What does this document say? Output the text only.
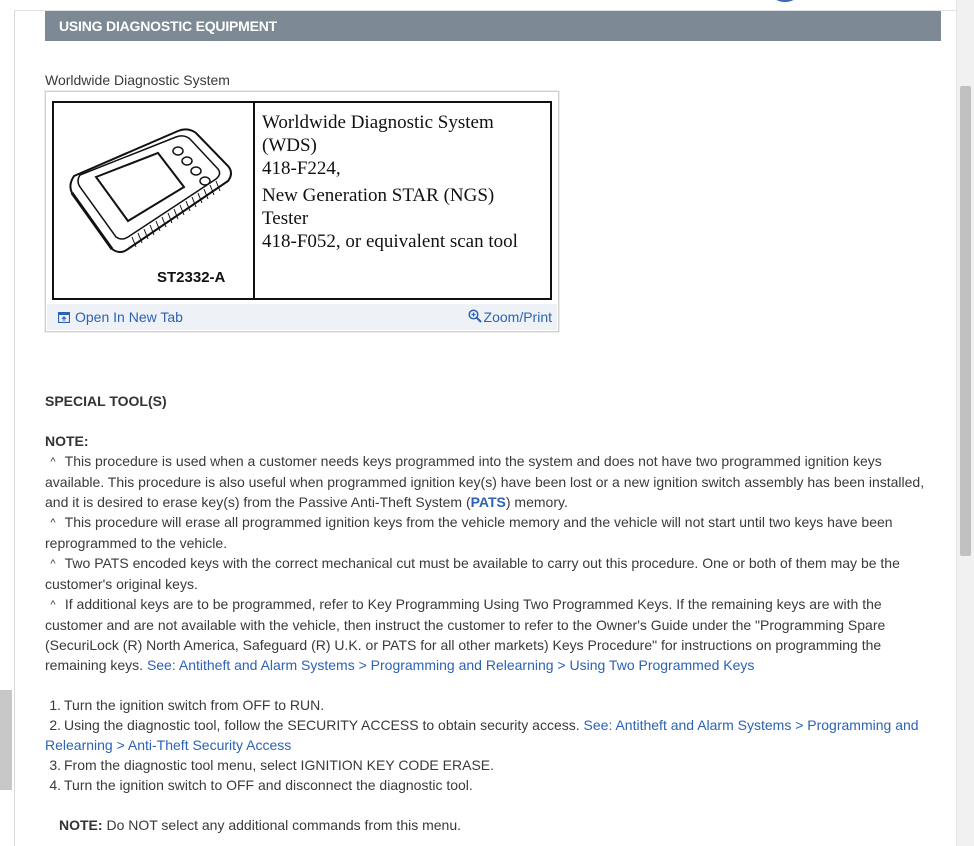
USING DIAGNOSTIC EQUIPMENT
Worldwide Diagnostic System
ST2332-A
Worldwide Diagnostic System
(WDS)
418-F224,
New Generation STAR (NGS)
Tester
418-F052, or equivalent scan tool
Open In New Tab	Zoom/Print

SPECIAL TOOL(S)

NOTE:

^ This procedure is used when a customer needs keys programmed into the system and does not have two programmed ignition keys available. This procedure is also useful when programmed ignition key(s) have been lost or a new ignition switch assembly has been installed, and it is desired to erase key(s) from the Passive Anti-Theft System (PATS) memory.

^ This procedure will erase all programmed ignition keys from the vehicle memory and the vehicle will not start until two keys have been reprogrammed to the vehicle.

^ Two PATS encoded keys with the correct mechanical cut must be available to carry out this procedure. One or both of them may be the customer's original keys.

^ If additional keys are to be programmed, refer to Key Programming Using Two Programmed Keys. If the remaining keys are with the customer and are not available with the vehicle, then instruct the customer to refer to the Owner's Guide under the "Programming Spare (SecuriLock (R) North America, Safeguard (R) U.K. or PATS for all other markets) Keys Procedure" for instructions on programming the remaining keys. See: Antitheft and Alarm Systems > Programming and Relearning > Using Two Programmed Keys

1. Turn the ignition switch from OFF to RUN.

2. Using the diagnostic tool, follow the SECURITY ACCESS to obtain security access. See: Antitheft and Alarm Systems > Programming and Relearning > Anti-Theft Security Access

3. From the diagnostic tool menu, select IGNITION KEY CODE ERASE.

4. Turn the ignition switch to OFF and disconnect the diagnostic tool.

NOTE: Do NOT select any additional commands from this menu.
